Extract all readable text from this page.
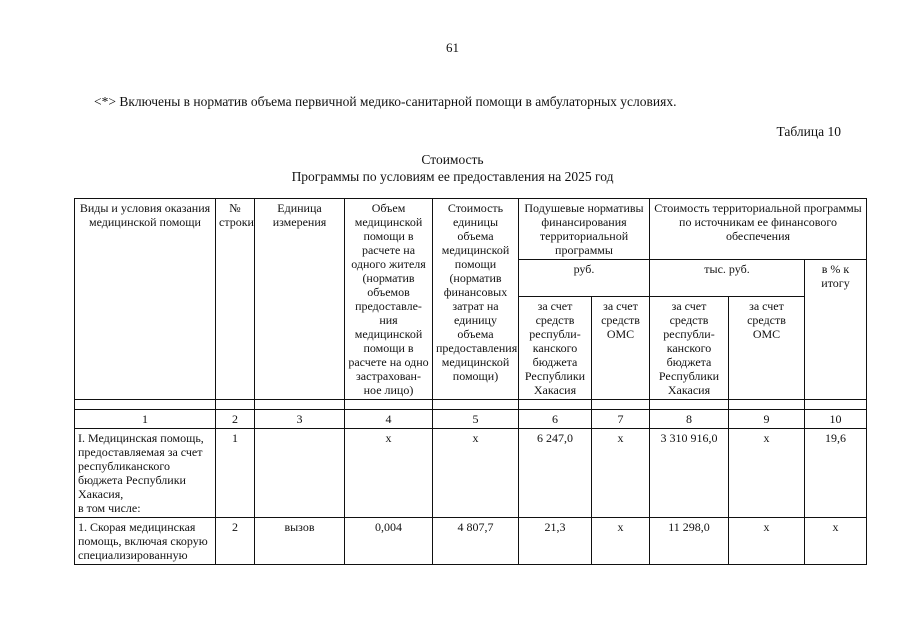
61
<*> Включены в норматив объема первичной медико-санитарной помощи в амбулаторных условиях.
Таблица 10
Стоимость
Программы по условиям ее предоставления на 2025 год
Виды и условия оказания медицинской помощи	№ строки	Единица измерения	Объем медицинской помощи в расчете на одного жителя (норматив объемов предоставле-ния медицинской помощи в расчете на одно застрахован-ное лицо)	Стоимость единицы объема медицинской помощи (норматив финансовых затрат на единицу объема предоставления медицинской помощи)	Подушевые нормативы финансирования территориальной программы		Стоимость территориальной программы по источникам ее финансового обеспечения		
					руб.		тыс. руб.		в % к итогу
					за счет средств республи-канского бюджета Республики Хакасия	за счет средств ОМС	за счет средств республи-канского бюджета Республики Хакасия	за счет средств ОМС	

1	2	3	4	5	6	7	8	9	10
I. Медицинская помощь, предоставляемая за счет республиканского бюджета Республики Хакасия,
в том числе:	1		х	х	6 247,0	х	3 310 916,0	х	19,6
1. Скорая медицинская помощь, включая скорую специализированную	2	вызов	0,004	4 807,7	21,3	х	11 298,0	х	х
